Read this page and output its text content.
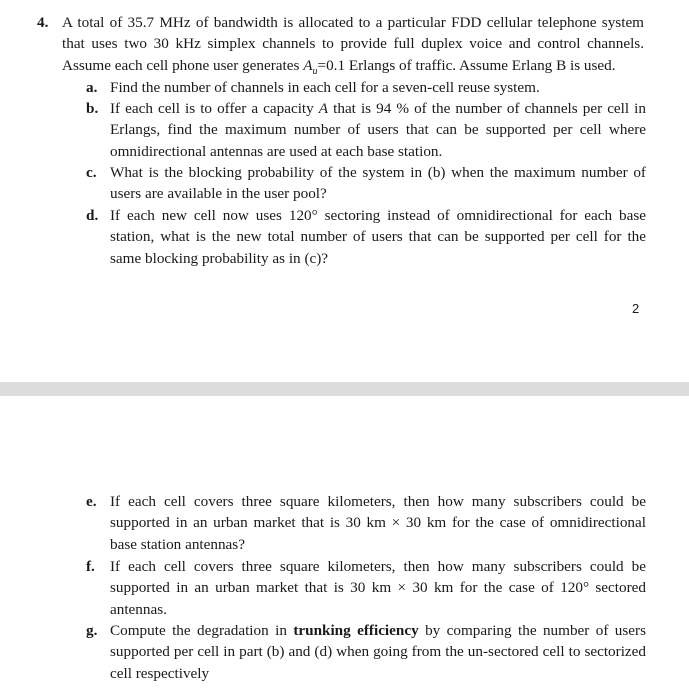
4. A total of 35.7 MHz of bandwidth is allocated to a particular FDD cellular telephone system that uses two 30 kHz simplex channels to provide full duplex voice and control channels. Assume each cell phone user generates $A_u=0.1$ Erlangs of traffic. Assume Erlang B is used.
a. Find the number of channels in each cell for a seven-cell reuse system.
b. If each cell is to offer a capacity A that is 94 % of the number of channels per cell in Erlangs, find the maximum number of users that can be supported per cell where omnidirectional antennas are used at each base station.
c. What is the blocking probability of the system in (b) when the maximum number of users are available in the user pool?
d. If each new cell now uses 120° sectoring instead of omnidirectional for each base station, what is the new total number of users that can be supported per cell for the same blocking probability as in (c)?
2
e. If each cell covers three square kilometers, then how many subscribers could be supported in an urban market that is 30 km × 30 km for the case of omnidirectional base station antennas?
f. If each cell covers three square kilometers, then how many subscribers could be supported in an urban market that is 30 km × 30 km for the case of 120° sectored antennas.
g. Compute the degradation in trunking efficiency by comparing the number of users supported per cell in part (b) and (d) when going from the un-sectored cell to sectorized cell respectively
